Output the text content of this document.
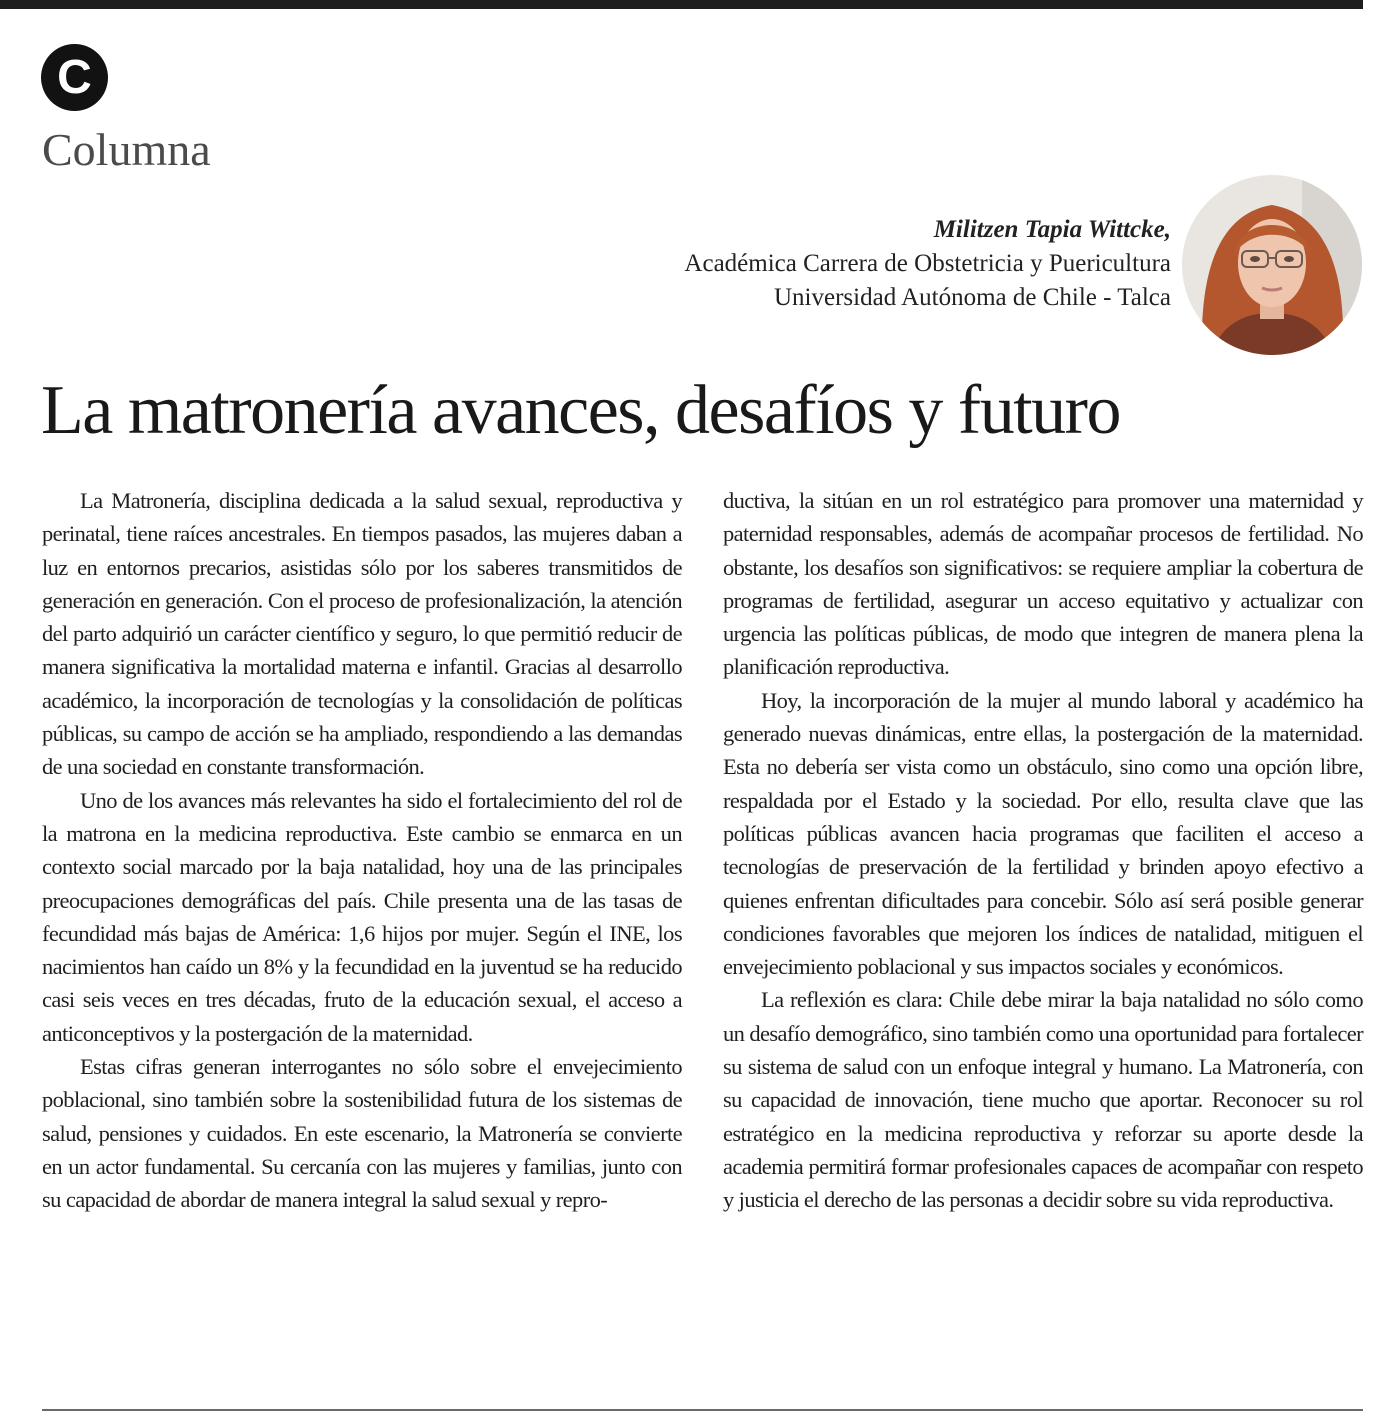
C
Columna
Militzen Tapia Wittcke,
Académica Carrera de Obstetricia y Puericultura
Universidad Autónoma de Chile - Talca
La matronería avances, desafíos y futuro

La Matronería, disciplina dedicada a la salud sexual, reproductiva y perinatal, tiene raíces ancestrales. En tiempos pasados, las mujeres daban a luz en entornos precarios, asistidas sólo por los saberes transmitidos de generación en generación. Con el proceso de profesionalización, la atención del parto adquirió un carácter científico y seguro, lo que permitió reducir de manera significativa la mortalidad materna e infantil. Gracias al desarrollo académico, la incorporación de tecnologías y la consolidación de políticas públicas, su campo de acción se ha ampliado, respondiendo a las demandas de una sociedad en constante transformación.

Uno de los avances más relevantes ha sido el fortalecimiento del rol de la matrona en la medicina reproductiva. Este cambio se enmarca en un contexto social marcado por la baja natalidad, hoy una de las principales preocupaciones demográficas del país. Chile presenta una de las tasas de fecundidad más bajas de América: 1,6 hijos por mujer. Según el INE, los nacimientos han caído un 8% y la fecundidad en la juventud se ha reducido casi seis veces en tres décadas, fruto de la educación sexual, el acceso a anticonceptivos y la postergación de la maternidad.

Estas cifras generan interrogantes no sólo sobre el envejecimiento poblacional, sino también sobre la sostenibilidad futura de los sistemas de salud, pensiones y cuidados. En este escenario, la Matronería se convierte en un actor fundamental. Su cercanía con las mujeres y familias, junto con su capacidad de abordar de manera integral la salud sexual y repro-

ductiva, la sitúan en un rol estratégico para promover una maternidad y paternidad responsables, además de acompañar procesos de fertilidad. No obstante, los desafíos son significativos: se requiere ampliar la cobertura de programas de fertilidad, asegurar un acceso equitativo y actualizar con urgencia las políticas públicas, de modo que integren de manera plena la planificación reproductiva.

Hoy, la incorporación de la mujer al mundo laboral y académico ha generado nuevas dinámicas, entre ellas, la postergación de la maternidad. Esta no debería ser vista como un obstáculo, sino como una opción libre, respaldada por el Estado y la sociedad. Por ello, resulta clave que las políticas públicas avancen hacia programas que faciliten el acceso a tecnologías de preservación de la fertilidad y brinden apoyo efectivo a quienes enfrentan dificultades para concebir. Sólo así será posible generar condiciones favorables que mejoren los índices de natalidad, mitiguen el envejecimiento poblacional y sus impactos sociales y económicos.

La reflexión es clara: Chile debe mirar la baja natalidad no sólo como un desafío demográfico, sino también como una oportunidad para fortalecer su sistema de salud con un enfoque integral y humano. La Matronería, con su capacidad de innovación, tiene mucho que aportar. Reconocer su rol estratégico en la medicina reproductiva y reforzar su aporte desde la academia permitirá formar profesionales capaces de acompañar con respeto y justicia el derecho de las personas a decidir sobre su vida reproductiva.
